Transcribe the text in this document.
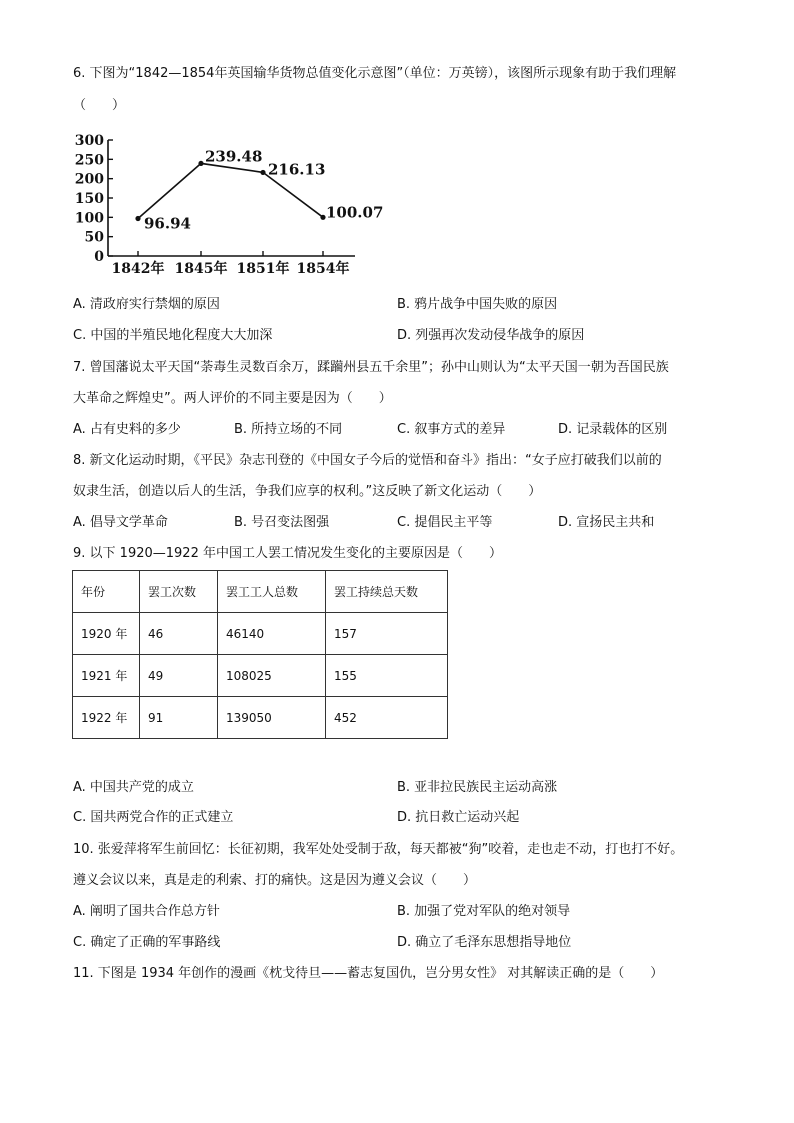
6. 下图为“1842—1854年英国输华货物总值变化示意图”（单位：万英镑），该图所示现象有助于我们理解
（　　）
300
250
200
150
100
50
0
1842年 1845年 1851年 1854年
96.94
239.48
216.13
100.07
A. 清政府实行禁烟的原因	B. 鸦片战争中国失败的原因
C. 中国的半殖民地化程度大大加深	D. 列强再次发动侵华战争的原因
7. 曾国藩说太平天国“荼毒生灵数百余万，蹂躏州县五千余里”；孙中山则认为“太平天国一朝为吾国民族
大革命之辉煌史”。两人评价的不同主要是因为（　　）
A. 占有史料的多少	B. 所持立场的不同	C. 叙事方式的差异	D. 记录载体的区别
8. 新文化运动时期，《平民》杂志刊登的《中国女子今后的觉悟和奋斗》指出：“女子应打破我们以前的
奴隶生活，创造以后人的生活，争我们应享的权利。”这反映了新文化运动（　　）
A. 倡导文学革命	B. 号召变法图强	C. 提倡民主平等	D. 宣扬民主共和
9. 以下 1920—1922 年中国工人罢工情况发生变化的主要原因是（　　）
年份	罢工次数	罢工工人总数	罢工持续总天数
1920 年	46	46140	157
1921 年	49	108025	155
1922 年	91	139050	452
A. 中国共产党的成立	B. 亚非拉民族民主运动高涨
C. 国共两党合作的正式建立	D. 抗日救亡运动兴起
10. 张爱萍将军生前回忆：长征初期，我军处处受制于敌，每天都被“狗”咬着，走也走不动，打也打不好。
遵义会议以来，真是走的利索、打的痛快。这是因为遵义会议（　　）
A. 阐明了国共合作总方针	B. 加强了党对军队的绝对领导
C. 确定了正确的军事路线	D. 确立了毛泽东思想指导地位
11. 下图是 1934 年创作的漫画《枕戈待旦——蓄志复国仇，岂分男女性》 对其解读正确的是（　　）
